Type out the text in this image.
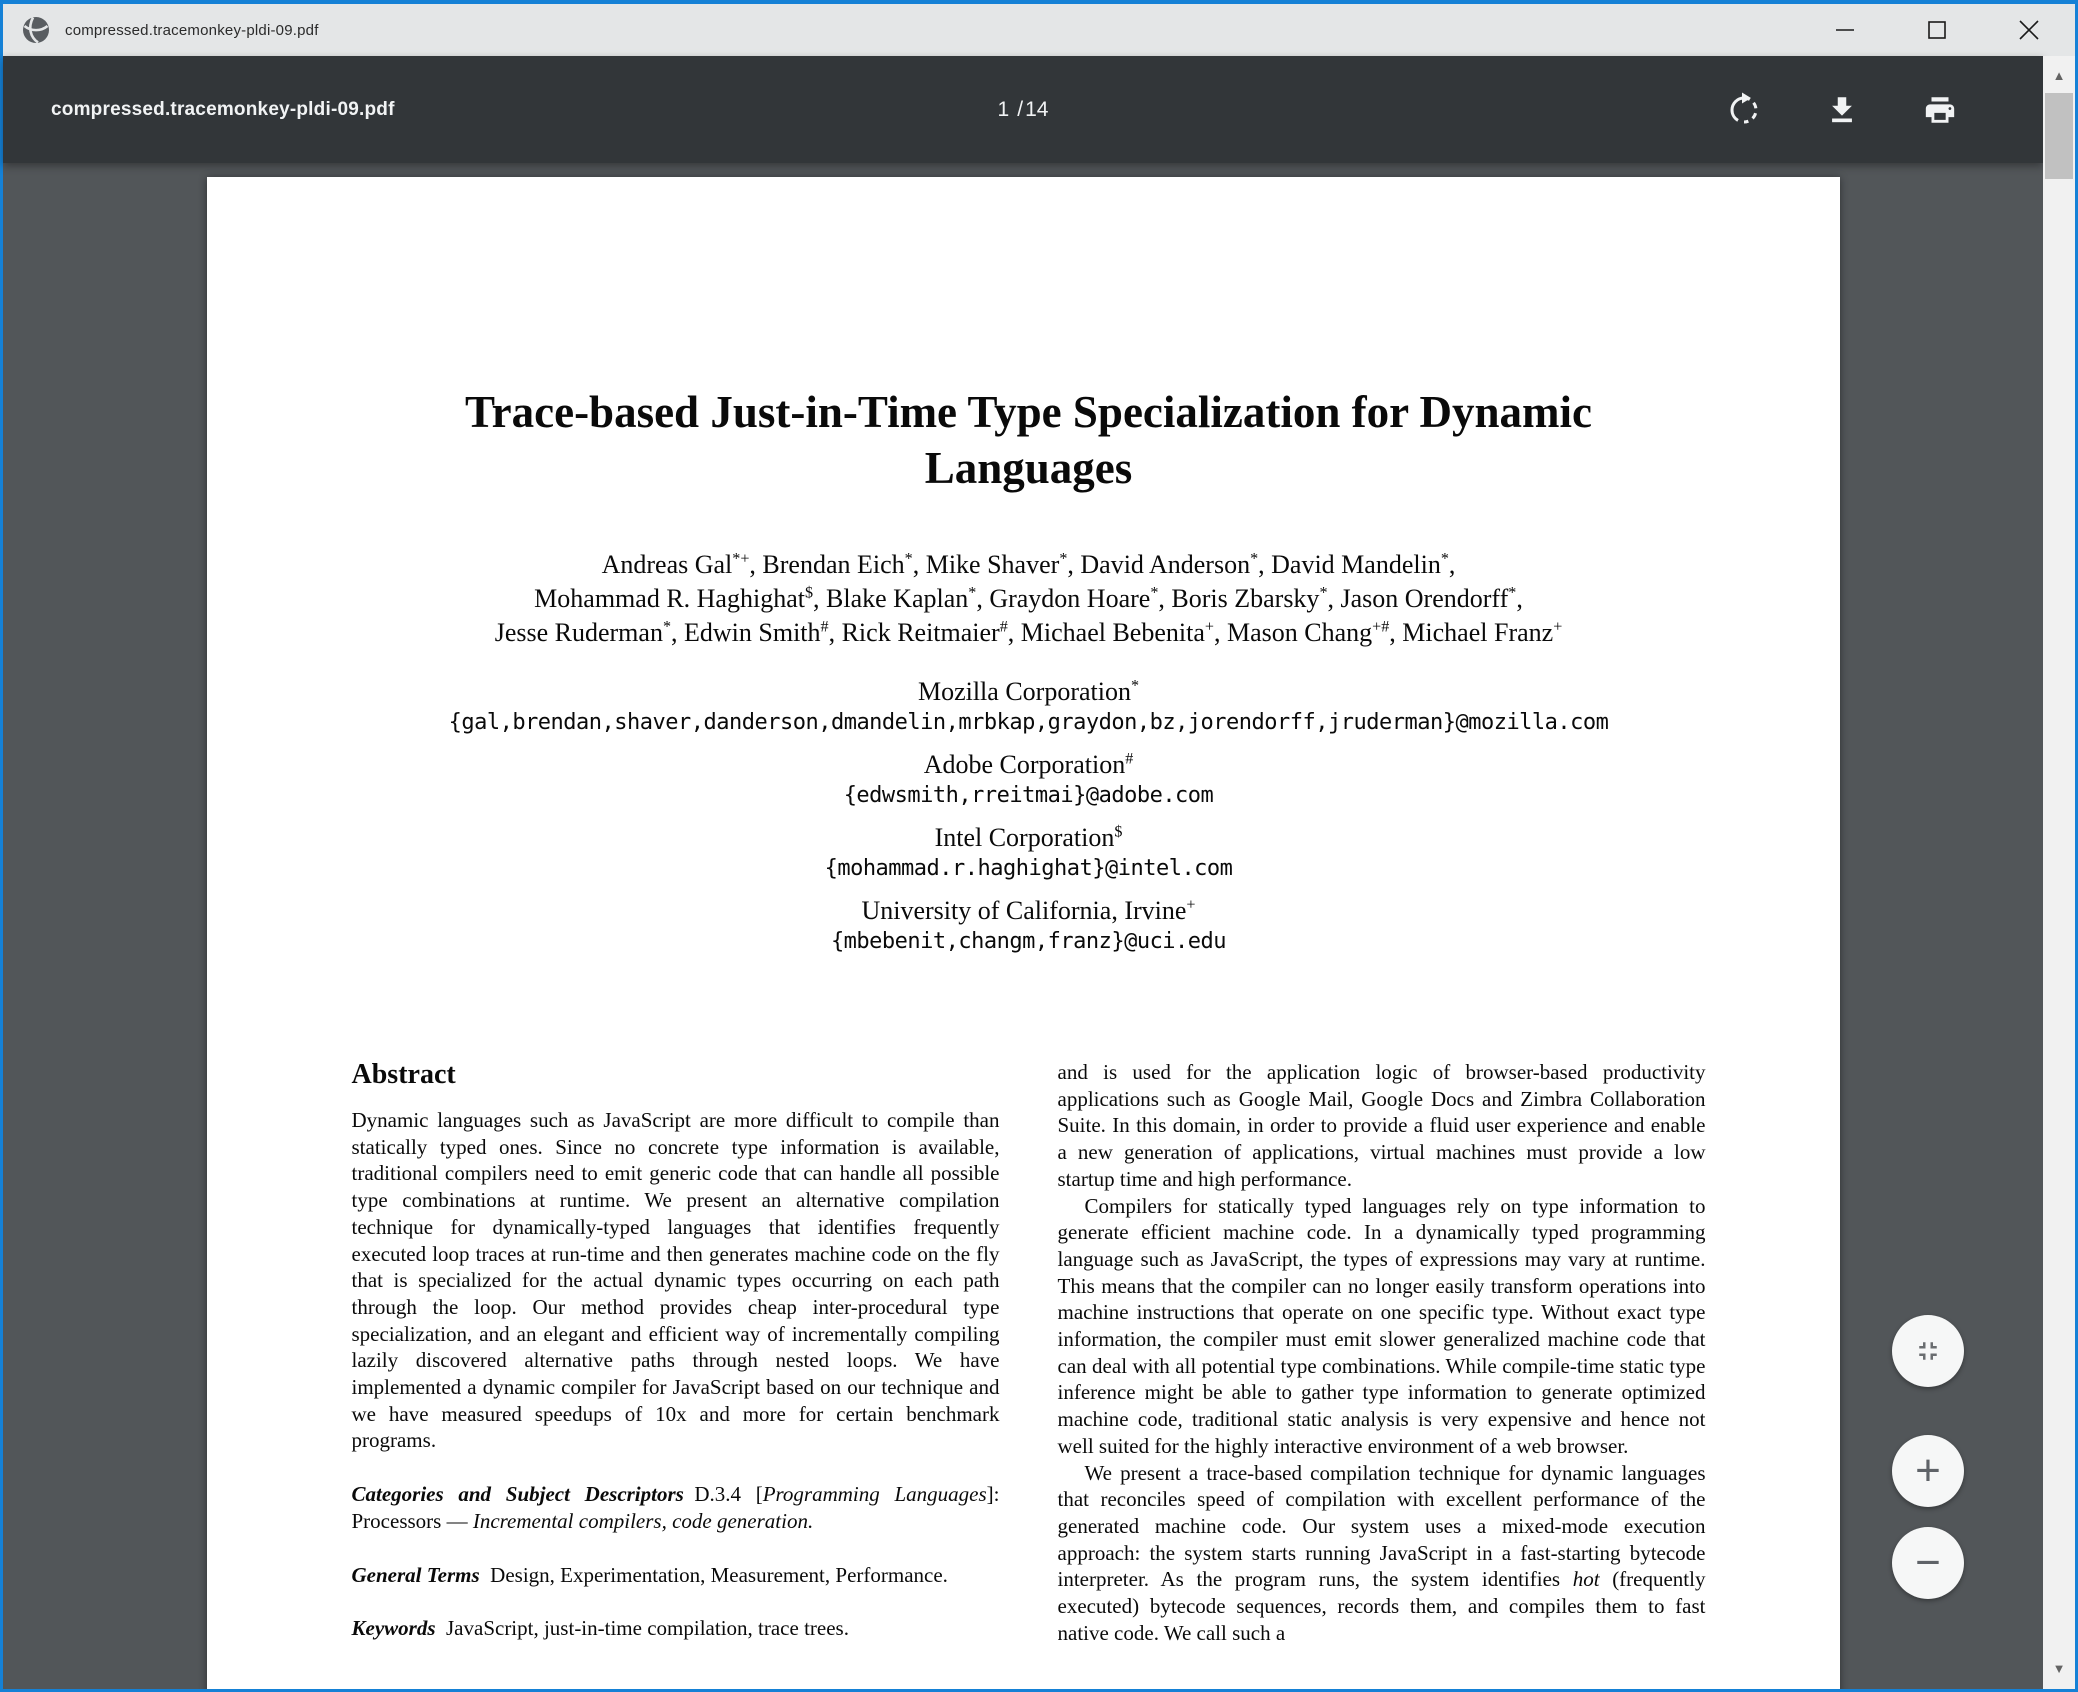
compressed.tracemonkey-pldi-09.pdf
compressed.tracemonkey-pldi-09.pdf	1 / 14
Trace-based Just-in-Time Type Specialization for Dynamic
Languages
Andreas Gal*+, Brendan Eich*, Mike Shaver*, David Anderson*, David Mandelin*,
Mohammad R. Haghighat$, Blake Kaplan*, Graydon Hoare*, Boris Zbarsky*, Jason Orendorff*,
Jesse Ruderman*, Edwin Smith#, Rick Reitmaier#, Michael Bebenita+, Mason Chang+#, Michael Franz+
Mozilla Corporation*
{gal,brendan,shaver,danderson,dmandelin,mrbkap,graydon,bz,jorendorff,jruderman}@mozilla.com
Adobe Corporation#
{edwsmith,rreitmai}@adobe.com
Intel Corporation$
{mohammad.r.haghighat}@intel.com
University of California, Irvine+
{mbebenit,changm,franz}@uci.edu
Abstract

Dynamic languages such as JavaScript are more difficult to compile than statically typed ones. Since no concrete type information is available, traditional compilers need to emit generic code that can handle all possible type combinations at runtime. We present an alternative compilation technique for dynamically-typed languages that identifies frequently executed loop traces at run-time and then generates machine code on the fly that is specialized for the actual dynamic types occurring on each path through the loop. Our method provides cheap inter-procedural type specialization, and an elegant and efficient way of incrementally compiling lazily discovered alternative paths through nested loops. We have implemented a dynamic compiler for JavaScript based on our technique and we have measured speedups of 10x and more for certain benchmark programs.

Categories and Subject Descriptors D.3.4 [Programming Languages]: Processors — Incremental compilers, code generation.

General Terms Design, Experimentation, Measurement, Performance.

Keywords JavaScript, just-in-time compilation, trace trees.

and is used for the application logic of browser-based productivity applications such as Google Mail, Google Docs and Zimbra Collaboration Suite. In this domain, in order to provide a fluid user experience and enable a new generation of applications, virtual machines must provide a low startup time and high performance.

Compilers for statically typed languages rely on type information to generate efficient machine code. In a dynamically typed programming language such as JavaScript, the types of expressions may vary at runtime. This means that the compiler can no longer easily transform operations into machine instructions that operate on one specific type. Without exact type information, the compiler must emit slower generalized machine code that can deal with all potential type combinations. While compile-time static type inference might be able to gather type information to generate optimized machine code, traditional static analysis is very expensive and hence not well suited for the highly interactive environment of a web browser.

We present a trace-based compilation technique for dynamic languages that reconciles speed of compilation with excellent performance of the generated machine code. Our system uses a mixed-mode execution approach: the system starts running JavaScript in a fast-starting bytecode interpreter. As the program runs, the system identifies hot (frequently executed) bytecode sequences, records them, and compiles them to fast native code. We call such a

+
−
▲
▼
